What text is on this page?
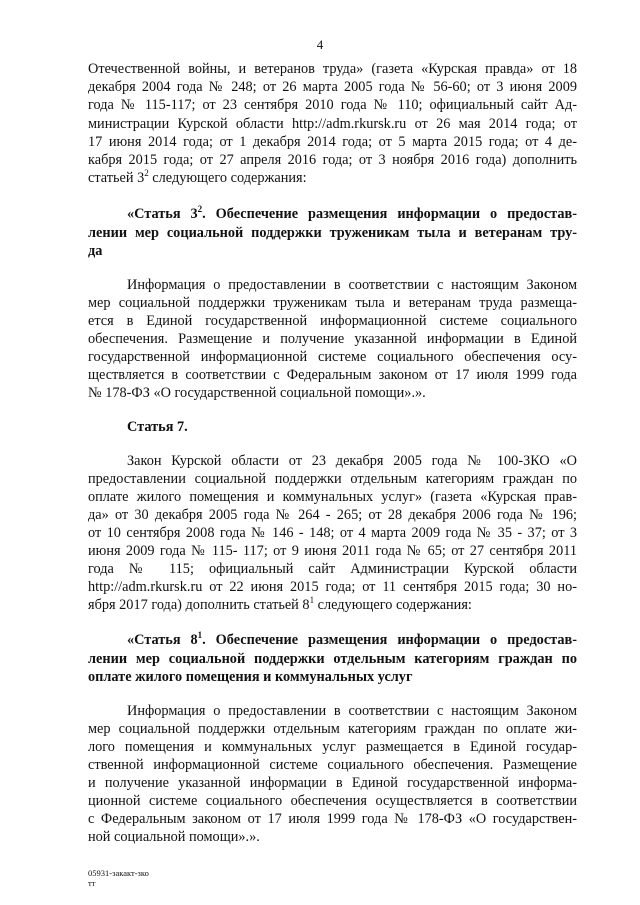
4
Отечественной войны, и ветеранов труда» (газета «Курская правда» от 18
декабря 2004 года № 248; от 26 марта 2005 года № 56-60; от 3 июня 2009
года № 115-117; от 23 сентября 2010 года № 110; официальный сайт Ад-
министрации Курской области http://adm.rkursk.ru от 26 мая 2014 года; от
17 июня 2014 года; от 1 декабря 2014 года; от 5 марта 2015 года; от 4 де-
кабря 2015 года; от 27 апреля 2016 года; от 3 ноября 2016 года) дополнить
статьей $3^2$ следующего содержания:
«Статья $3^2$. Обеспечение размещения информации о предостав-
лении мер социальной поддержки труженикам тыла и ветеранам тру-
да
Информация о предоставлении в соответствии с настоящим Законом
мер социальной поддержки труженикам тыла и ветеранам труда размеща-
ется в Единой государственной информационной системе социального
обеспечения. Размещение и получение указанной информации в Единой
государственной информационной системе социального обеспечения осу-
ществляется в соответствии с Федеральным законом от 17 июля 1999 года
№ 178-ФЗ «О государственной социальной помощи».».
Статья 7.
Закон Курской области от 23 декабря 2005 года № 100-ЗКО «О
предоставлении социальной поддержки отдельным категориям граждан по
оплате жилого помещения и коммунальных услуг» (газета «Курская прав-
да» от 30 декабря 2005 года № 264 - 265; от 28 декабря 2006 года № 196;
от 10 сентября 2008 года № 146 - 148; от 4 марта 2009 года № 35 - 37; от 3
июня 2009 года № 115- 117; от 9 июня 2011 года № 65; от 27 сентября 2011
года № 115; официальный сайт Администрации Курской области
http://adm.rkursk.ru от 22 июня 2015 года; от 11 сентября 2015 года; 30 но-
ября 2017 года) дополнить статьей $8^1$ следующего содержания:
«Статья $8^1$. Обеспечение размещения информации о предостав-
лении мер социальной поддержки отдельным категориям граждан по
оплате жилого помещения и коммунальных услуг
Информация о предоставлении в соответствии с настоящим Законом
мер социальной поддержки отдельным категориям граждан по оплате жи-
лого помещения и коммунальных услуг размещается в Единой государ-
ственной информационной системе социального обеспечения. Размещение
и получение указанной информации в Единой государственной информа-
ционной системе социального обеспечения осуществляется в соответствии
с Федеральным законом от 17 июля 1999 года № 178-ФЗ «О государствен-
ной социальной помощи».».
05931-закакт-зко
тт
